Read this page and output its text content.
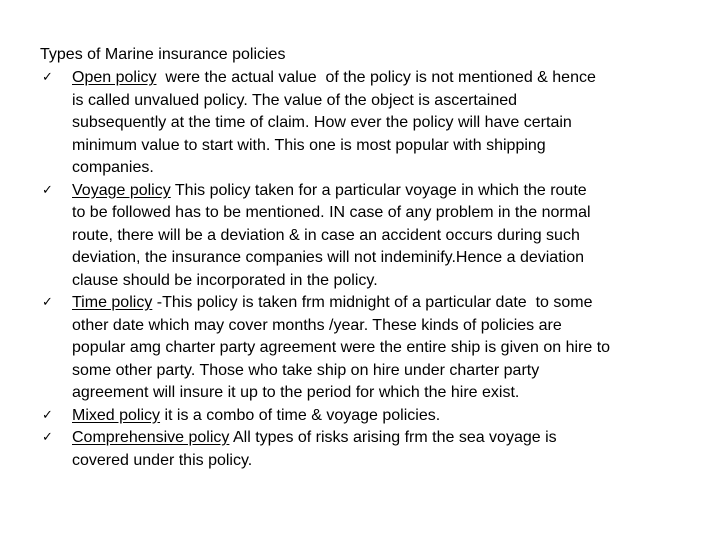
Types of Marine insurance policies
✓ Open policy  were the actual value  of the policy is not mentioned & hence
is called unvalued policy. The value of the object is ascertained
subsequently at the time of claim. How ever the policy will have certain
minimum value to start with. This one is most popular with shipping
companies.
✓ Voyage policy This policy taken for a particular voyage in which the route
to be followed has to be mentioned. IN case of any problem in the normal
route, there will be a deviation & in case an accident occurs during such
deviation, the insurance companies will not indeminify.Hence a deviation
clause should be incorporated in the policy.
✓ Time policy -This policy is taken frm midnight of a particular date  to some
other date which may cover months /year. These kinds of policies are
popular amg charter party agreement were the entire ship is given on hire to
some other party. Those who take ship on hire under charter party
agreement will insure it up to the period for which the hire exist.
✓ Mixed policy it is a combo of time & voyage policies.
✓ Comprehensive policy All types of risks arising frm the sea voyage is
covered under this policy.
